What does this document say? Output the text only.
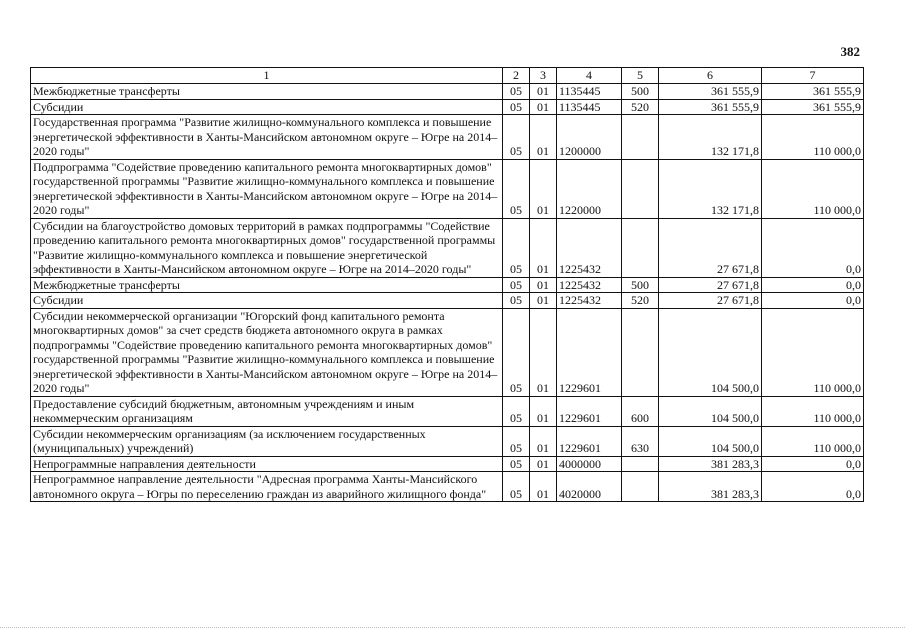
382
1	2	3	4	5	6	7
Межбюджетные трансферты	05	01	1135445	500	361 555,9	361 555,9
Субсидии	05	01	1135445	520	361 555,9	361 555,9
Государственная программа "Развитие жилищно-коммунального комплекса и повышение энергетической эффективности в Ханты-Мансийском автономном округе – Югре на 2014–2020 годы"	05	01	1200000		132 171,8	110 000,0
Подпрограмма "Содействие проведению капитального ремонта многоквартирных домов" государственной программы "Развитие жилищно-коммунального комплекса и повышение энергетической эффективности в Ханты-Мансийском автономном округе – Югре на 2014–2020 годы"	05	01	1220000		132 171,8	110 000,0
Субсидии на благоустройство домовых территорий в рамках подпрограммы "Содействие проведению капитального ремонта многоквартирных домов" государственной программы "Развитие жилищно-коммунального комплекса и повышение энергетической эффективности в Ханты-Мансийском автономном округе – Югре на 2014–2020 годы"	05	01	1225432		27 671,8	0,0
Межбюджетные трансферты	05	01	1225432	500	27 671,8	0,0
Субсидии	05	01	1225432	520	27 671,8	0,0
Субсидии некоммерческой организации "Югорский фонд капитального ремонта многоквартирных домов" за счет средств бюджета автономного округа в рамках подпрограммы "Содействие проведению капитального ремонта многоквартирных домов" государственной программы "Развитие жилищно-коммунального комплекса и повышение энергетической эффективности в Ханты-Мансийском автономном округе – Югре на 2014–2020 годы"	05	01	1229601		104 500,0	110 000,0
Предоставление субсидий бюджетным, автономным учреждениям и иным некоммерческим организациям	05	01	1229601	600	104 500,0	110 000,0
Субсидии некоммерческим организациям (за исключением государственных (муниципальных) учреждений)	05	01	1229601	630	104 500,0	110 000,0
Непрограммные направления деятельности	05	01	4000000		381 283,3	0,0
Непрограммное направление деятельности "Адресная программа Ханты-Мансийского автономного округа – Югры по переселению граждан из аварийного жилищного фонда"	05	01	4020000		381 283,3	0,0
